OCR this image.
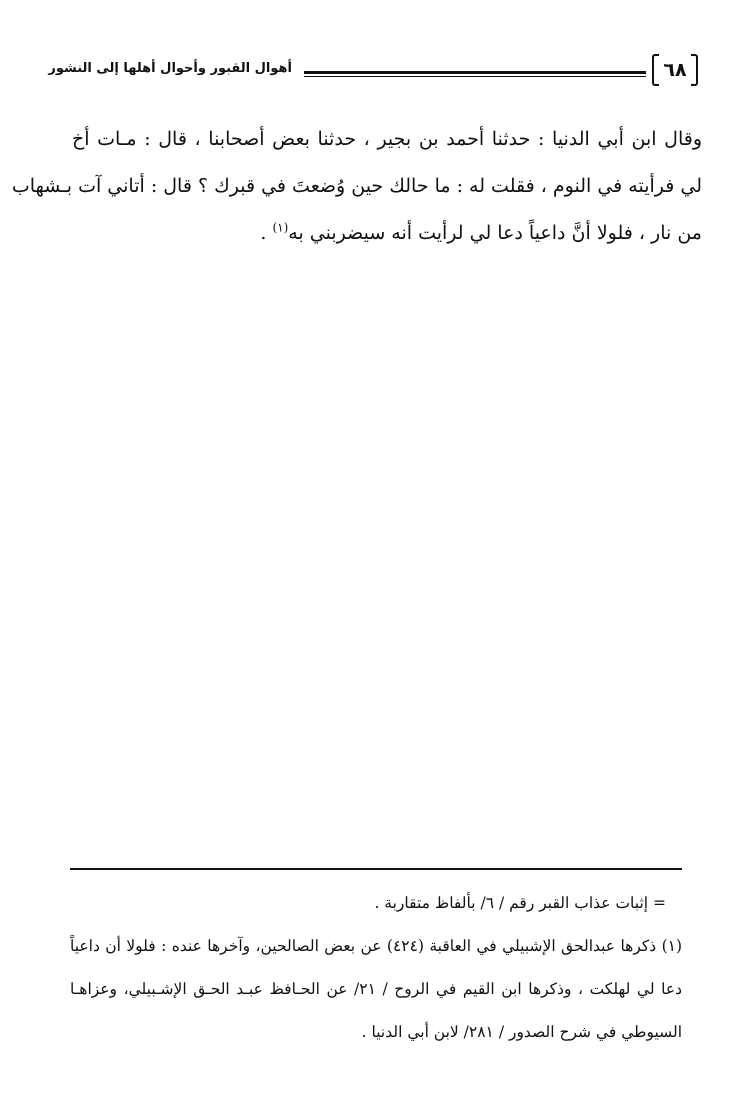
٦٨
أهوال القبور وأحوال أهلها إلى النشور
وقال ابن أبي الدنيا : حدثنا أحمد بن بجير ، حدثنا بعض أصحابنا ، قال : مـات أخ
لي فرأيته في النوم ، فقلت له : ما حالك حين وُضعتَ في قبرك ؟ قال : أتاني آت بـشهاب
من نار ، فلولا أنَّ داعياً دعا لي لرأيت أنه سيضربني به$^{(١)}$ .
= إثبات عذاب القبر رقم / ٦/ بألفاظ متقاربة .
(١) ذكرها عبدالحق الإشبيلي في العاقبة (٤٢٤) عن بعض الصالحين، وآخرها عنده : فلولا أن داعياً
دعا لي لهلكت ، وذكرها ابن القيم في الروح / ٢١/ عن الحـافظ عبـد الحـق الإشـبيلي، وعزاهـا
السيوطي في شرح الصدور / ٢٨١/ لابن أبي الدنيا .
